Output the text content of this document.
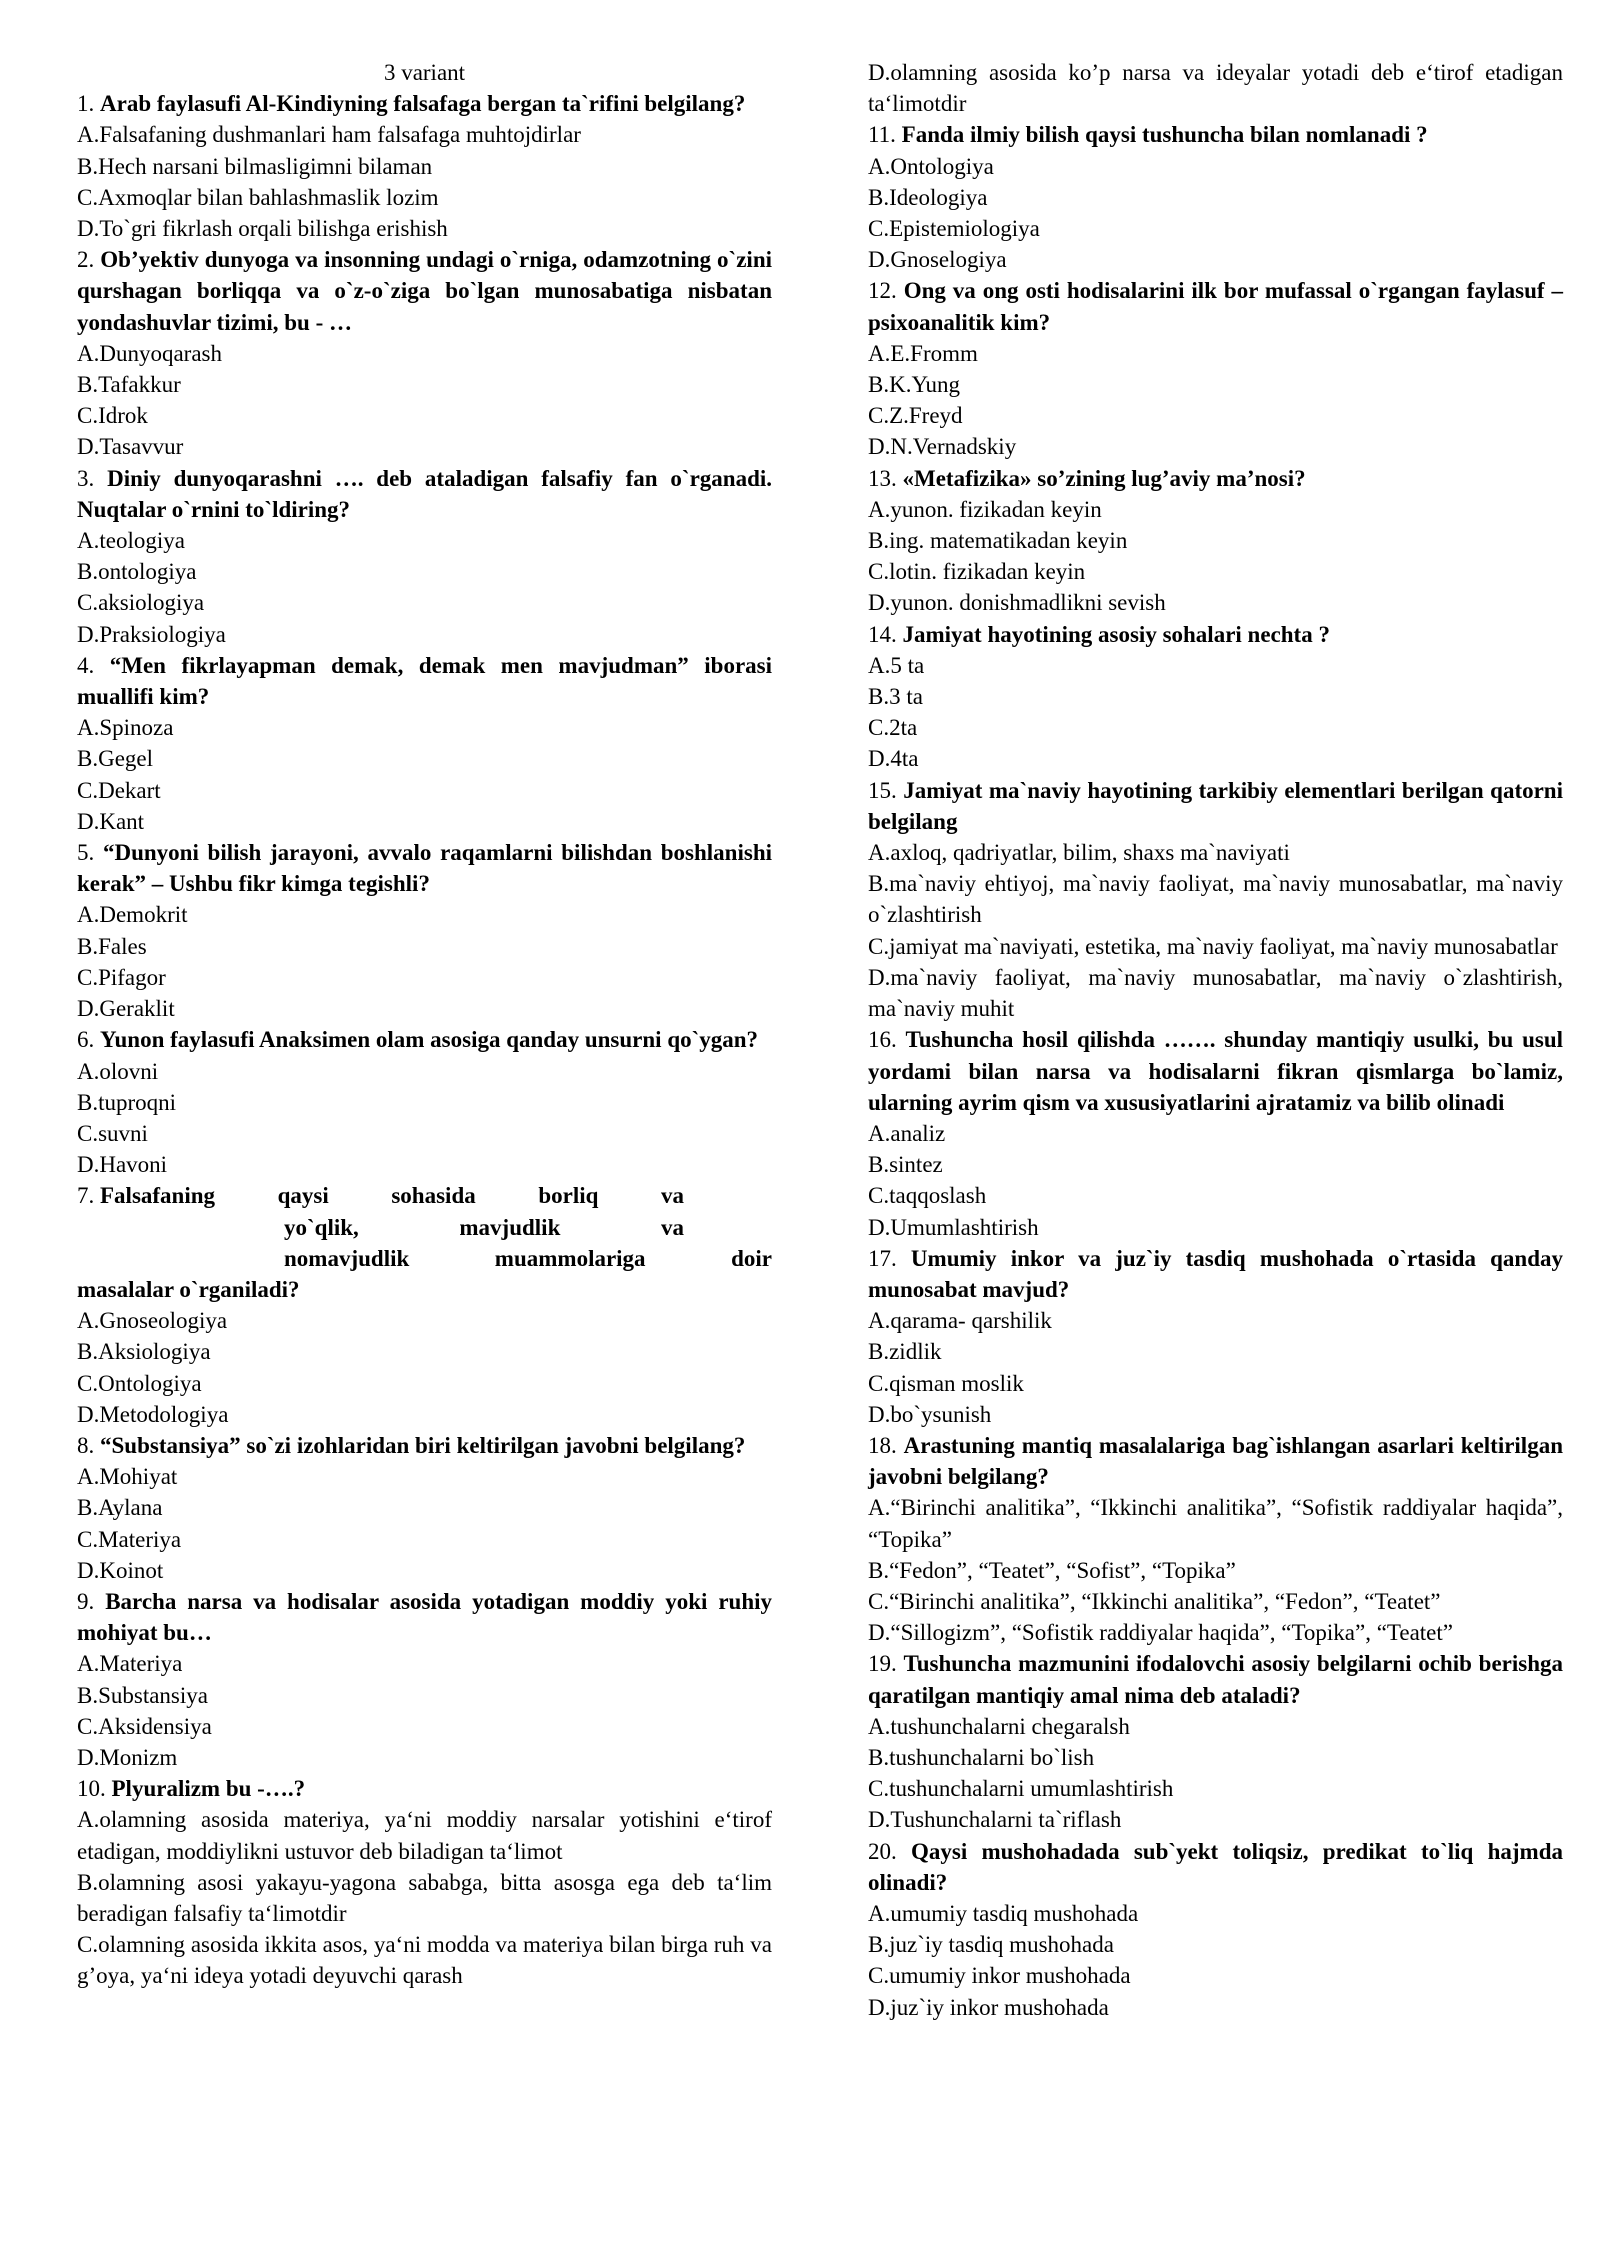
3 variant
1. Arab faylasufi Al-Kindiyning falsafaga bergan ta`rifini belgilang?
A.Falsafaning dushmanlari ham falsafaga muhtojdirlar
B.Hech narsani bilmasligimni bilaman
C.Axmoqlar bilan bahlashmaslik lozim
D.To`gri fikrlash orqali bilishga erishish
2. Ob’yektiv dunyoga va insonning undagi o`rniga, odamzotning o`zini qurshagan borliqqa va o`z-o`ziga bo`lgan munosabatiga nisbatan yondashuvlar tizimi, bu - …
A.Dunyoqarash
B.Tafakkur
C.Idrok
D.Tasavvur
3. Diniy dunyoqarashni …. deb ataladigan falsafiy fan o`rganadi. Nuqtalar o`rnini to`ldiring?
A.teologiya
B.ontologiya
C.aksiologiya
D.Praksiologiya
4. “Men fikrlayapman demak, demak men mavjudman” iborasi muallifi kim?
A.Spinoza
B.Gegel
C.Dekart
D.Kant
5. “Dunyoni bilish jarayoni, avvalo raqamlarni bilishdan boshlanishi kerak” – Ushbu fikr kimga tegishli?
A.Demokrit
B.Fales
C.Pifagor
D.Geraklit
6. Yunon faylasufi Anaksimen olam asosiga qanday unsurni qo`ygan?
A.olovni
B.tuproqni
C.suvni
D.Havoni
7. Falsafaning	qaysi	sohasida	borliq	va
yo`qlik,	mavjudlik	va
nomavjudlik	muammolariga	doir
masalalar o`rganiladi?
A.Gnoseologiya
B.Aksiologiya
C.Ontologiya
D.Metodologiya
8. “Substansiya” so`zi izohlaridan biri keltirilgan javobni belgilang?
A.Mohiyat
B.Aylana
C.Materiya
D.Koinot
9. Barcha narsa va hodisalar asosida yotadigan moddiy yoki ruhiy mohiyat bu…
A.Materiya
B.Substansiya
C.Aksidensiya
D.Monizm
10. Plyuralizm bu -….?
A.olamning asosida materiya, ya‘ni moddiy narsalar yotishini e‘tirof etadigan, moddiylikni ustuvor deb biladigan ta‘limot
B.olamning asosi yakayu-yagona sababga, bitta asosga ega deb ta‘lim beradigan falsafiy ta‘limotdir
C.olamning asosida ikkita asos, ya‘ni modda va materiya bilan birga ruh va g’oya, ya‘ni ideya yotadi deyuvchi qarash
D.olamning asosida ko’p narsa va ideyalar yotadi deb e‘tirof etadigan ta‘limotdir
11. Fanda ilmiy bilish qaysi tushuncha bilan nomlanadi ?
A.Ontologiya
B.Ideologiya
C.Epistemiologiya
D.Gnoselogiya
12. Ong va ong osti hodisalarini ilk bor mufassal o`rgangan faylasuf – psixoanalitik kim?
A.E.Fromm
B.K.Yung
C.Z.Freyd
D.N.Vernadskiy
13. «Metafizika» so’zining lug’aviy ma’nosi?
A.yunon. fizikadan keyin
B.ing. matematikadan keyin
C.lotin. fizikadan keyin
D.yunon. donishmadlikni sevish
14. Jamiyat hayotining asosiy sohalari nechta ?
A.5 ta
B.3 ta
C.2ta
D.4ta
15. Jamiyat ma`naviy hayotining tarkibiy elementlari berilgan qatorni belgilang
A.axloq, qadriyatlar, bilim, shaxs ma`naviyati
B.ma`naviy ehtiyoj, ma`naviy faoliyat, ma`naviy munosabatlar, ma`naviy o`zlashtirish
C.jamiyat ma`naviyati, estetika, ma`naviy faoliyat, ma`naviy munosabatlar
D.ma`naviy faoliyat, ma`naviy munosabatlar, ma`naviy o`zlashtirish, ma`naviy muhit
16. Tushuncha hosil qilishda ……. shunday mantiqiy usulki, bu usul yordami bilan narsa va hodisalarni fikran qismlarga bo`lamiz, ularning ayrim qism va xususiyatlarini ajratamiz va bilib olinadi
A.analiz
B.sintez
C.taqqoslash
D.Umumlashtirish
17. Umumiy inkor va juz`iy tasdiq mushohada o`rtasida qanday munosabat mavjud?
A.qarama- qarshilik
B.zidlik
C.qisman moslik
D.bo`ysunish
18. Arastuning mantiq masalalariga bag`ishlangan asarlari keltirilgan javobni belgilang?
A.“Birinchi analitika”, “Ikkinchi analitika”, “Sofistik raddiyalar haqida”, “Topika”
B.“Fedon”, “Teatet”, “Sofist”, “Topika”
C.“Birinchi analitika”, “Ikkinchi analitika”, “Fedon”, “Teatet”
D.“Sillogizm”, “Sofistik raddiyalar haqida”, “Topika”, “Teatet”
19. Tushuncha mazmunini ifodalovchi asosiy belgilarni ochib berishga qaratilgan mantiqiy amal nima deb ataladi?
A.tushunchalarni chegaralsh
B.tushunchalarni bo`lish
C.tushunchalarni umumlashtirish
D.Tushunchalarni ta`riflash
20. Qaysi mushohadada sub`yekt toliqsiz, predikat to`liq hajmda olinadi?
A.umumiy tasdiq mushohada
B.juz`iy tasdiq mushohada
C.umumiy inkor mushohada
D.juz`iy inkor mushohada
